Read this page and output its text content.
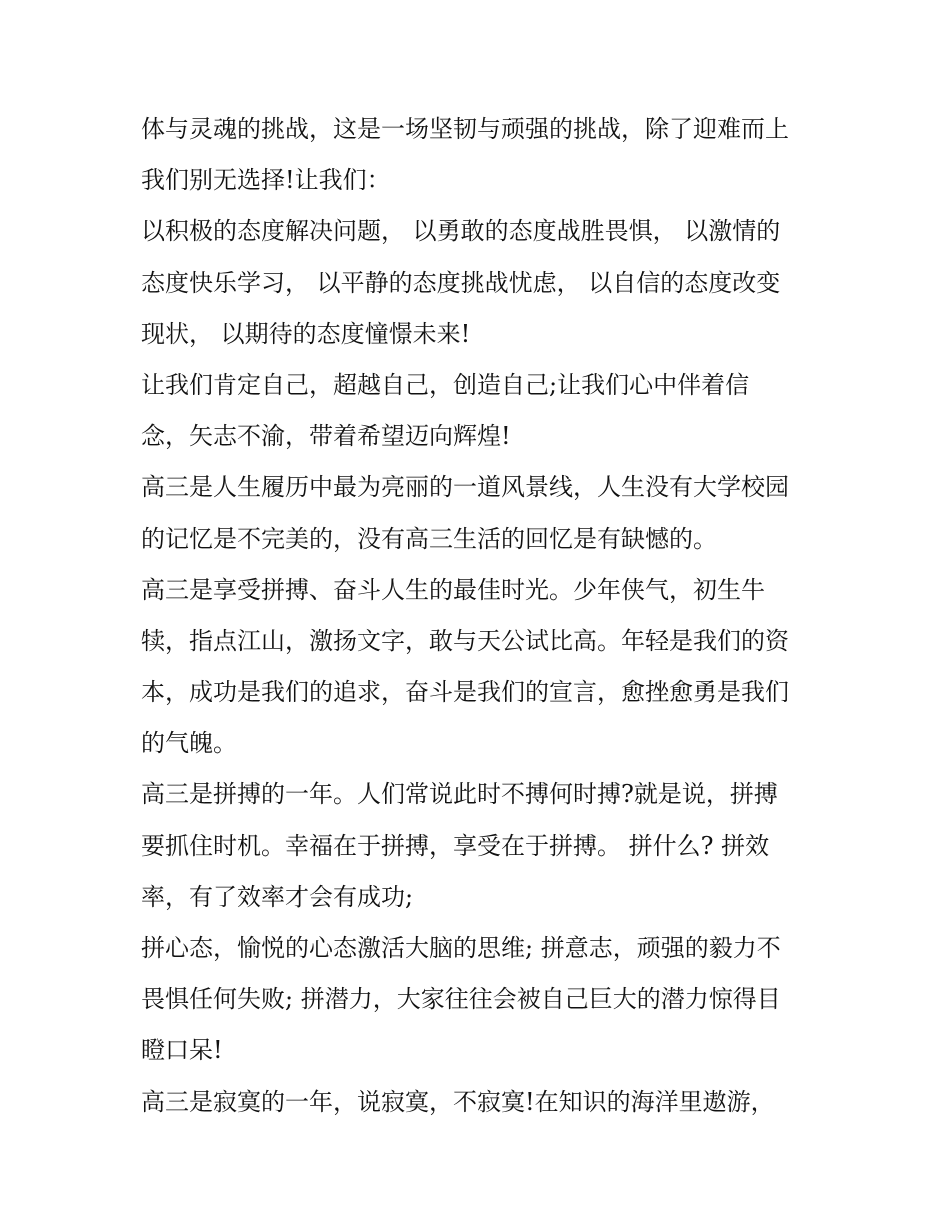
体与灵魂的挑战，这是一场坚韧与顽强的挑战，除了迎难而上
我们别无选择!让我们：
以积极的态度解决问题， 以勇敢的态度战胜畏惧， 以激情的
态度快乐学习， 以平静的态度挑战忧虑， 以自信的态度改变
现状， 以期待的态度憧憬未来!
让我们肯定自己，超越自己，创造自己;让我们心中伴着信
念，矢志不渝，带着希望迈向辉煌!
高三是人生履历中最为亮丽的一道风景线，人生没有大学校园
的记忆是不完美的，没有高三生活的回忆是有缺憾的。
高三是享受拼搏、奋斗人生的最佳时光。少年侠气，初生牛
犊，指点江山，激扬文字，敢与天公试比高。年轻是我们的资
本，成功是我们的追求，奋斗是我们的宣言，愈挫愈勇是我们
的气魄。
高三是拼搏的一年。人们常说此时不搏何时搏?就是说，拼搏
要抓住时机。幸福在于拼搏，享受在于拼搏。 拼什么? 拼效
率，有了效率才会有成功;
拼心态，愉悦的心态激活大脑的思维; 拼意志，顽强的毅力不
畏惧任何失败; 拼潜力，大家往往会被自己巨大的潜力惊得目
瞪口呆!
高三是寂寞的一年，说寂寞，不寂寞!在知识的海洋里遨游，
